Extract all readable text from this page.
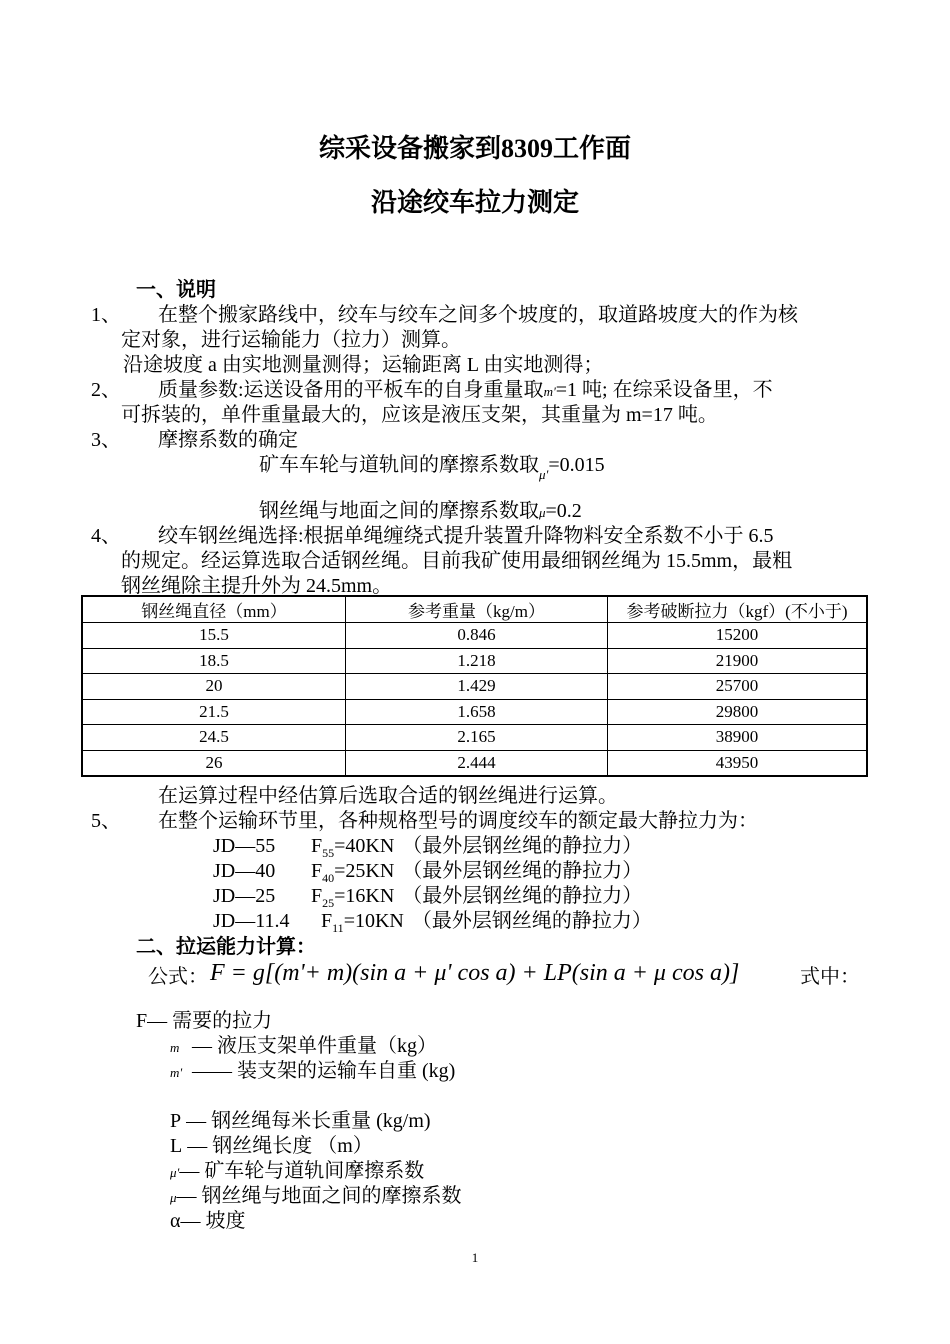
综采设备搬家到8309工作面
沿途绞车拉力测定
一、说明
1、 在整个搬家路线中，绞车与绞车之间多个坡度的，取道路坡度大的作为核
定对象，进行运输能力（拉力）测算。
沿途坡度 a 由实地测量测得；运输距离 L 由实地测得；
2、 质量参数:运送设备用的平板车的自身重量取m'=1 吨; 在综采设备里，不
可拆装的，单件重量最大的，应该是液压支架，其重量为 m=17 吨。
3、 摩擦系数的确定
矿车车轮与道轨间的摩擦系数取$_{\mu'}$=0.015
钢丝绳与地面之间的摩擦系数取μ=0.2
4、 绞车钢丝绳选择:根据单绳缠绕式提升装置升降物料安全系数不小于 6.5
的规定。经运算选取合适钢丝绳。目前我矿使用最细钢丝绳为 15.5mm，最粗
钢丝绳除主提升外为 24.5mm。
钢丝绳直径（mm）	参考重量（kg/m）	参考破断拉力（kgf）(不小于)
15.5	0.846	15200
18.5	1.218	21900
20	1.429	25700
21.5	1.658	29800
24.5	2.165	38900
26	2.444	43950
在运算过程中经估算后选取合适的钢丝绳进行运算。
5、 在整个运输环节里，各种规格型号的调度绞车的额定最大静拉力为：
JD—55 $F_{55}=40KN$ （最外层钢丝绳的静拉力）
JD—40 $F_{40}=25KN$ （最外层钢丝绳的静拉力）
JD—25 $F_{25}=16KN$ （最外层钢丝绳的静拉力）
JD—11.4 $F_{11}=10KN$ （最外层钢丝绳的静拉力）
二、拉运能力计算：
公式： F = g[(m'+ m)(sin a + μ' cos a) + LP(sin a + μ cos a)]	式中：
F— 需要的拉力
m — 液压支架单件重量（kg）
m' —— 装支架的运输车自重 (kg)
P — 钢丝绳每米长重量 (kg/m)
L — 钢丝绳长度 （m）
μ'— 矿车轮与道轨间摩擦系数
μ— 钢丝绳与地面之间的摩擦系数
α— 坡度
1
